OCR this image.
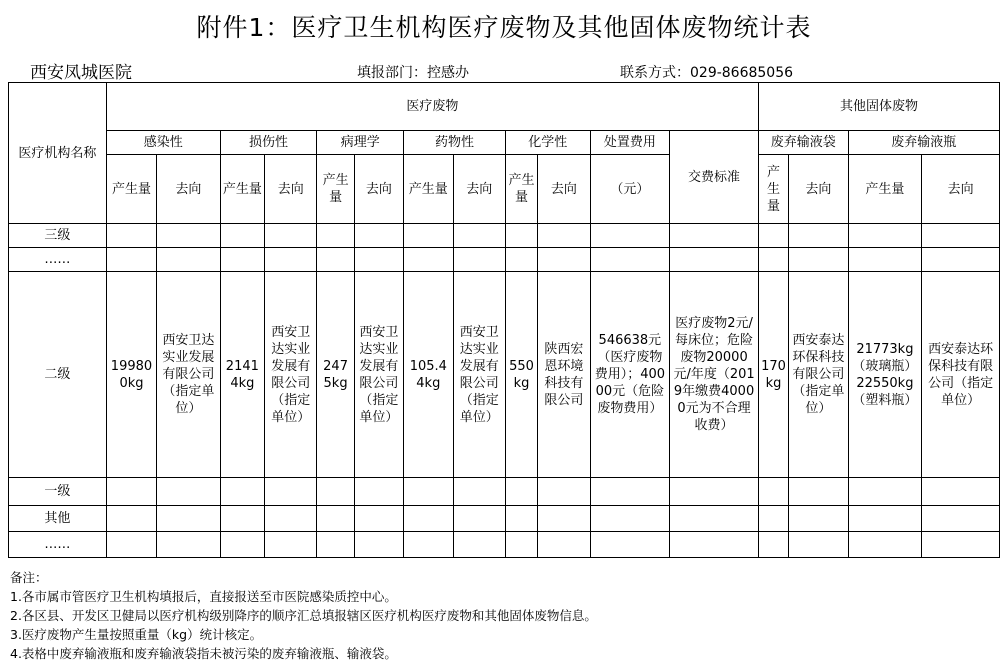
附件1：医疗卫生机构医疗废物及其他固体废物统计表
西安凤城医院	填报部门：控感办	联系方式：029-86685056
医疗机构名称	医疗废物												其他固体废物			
	感染性		损伤性		病理学		药物性		化学性		处置费用	交费标准	废弃输液袋		废弃输液瓶	
	产生量	去向	产生量	去向	产生量	去向	产生量	去向	产生量	去向	（元）		产生量	去向	产生量	去向

三级																
……																
二级	199800kg	西安卫达实业发展有限公司（指定单位）	21414kg	西安卫达实业发展有限公司（指定单位）	2475kg	西安卫达实业发展有限公司（指定单位）	105.44kg	西安卫达实业发展有限公司（指定单位）	550kg	陕西宏恩环境科技有限公司	546638元（医疗废物费用）；40000元（危险废物费用）	医疗废物2元/每床位；危险废物20000元/年度（2019年缴费40000元为不合理收费）	170kg	西安泰达环保科技有限公司（指定单位）	21773kg（玻璃瓶）22550kg（塑料瓶）	西安泰达环保科技有限公司（指定单位）
一级																
其他																
……																
备注：
1.各市属市管医疗卫生机构填报后，直接报送至市医院感染质控中心。
2.各区县、开发区卫健局以医疗机构级别降序的顺序汇总填报辖区医疗机构医疗废物和其他固体废物信息。
3.医疗废物产生量按照重量（kg）统计核定。
4.表格中废弃输液瓶和废弃输液袋指未被污染的废弃输液瓶、输液袋。
